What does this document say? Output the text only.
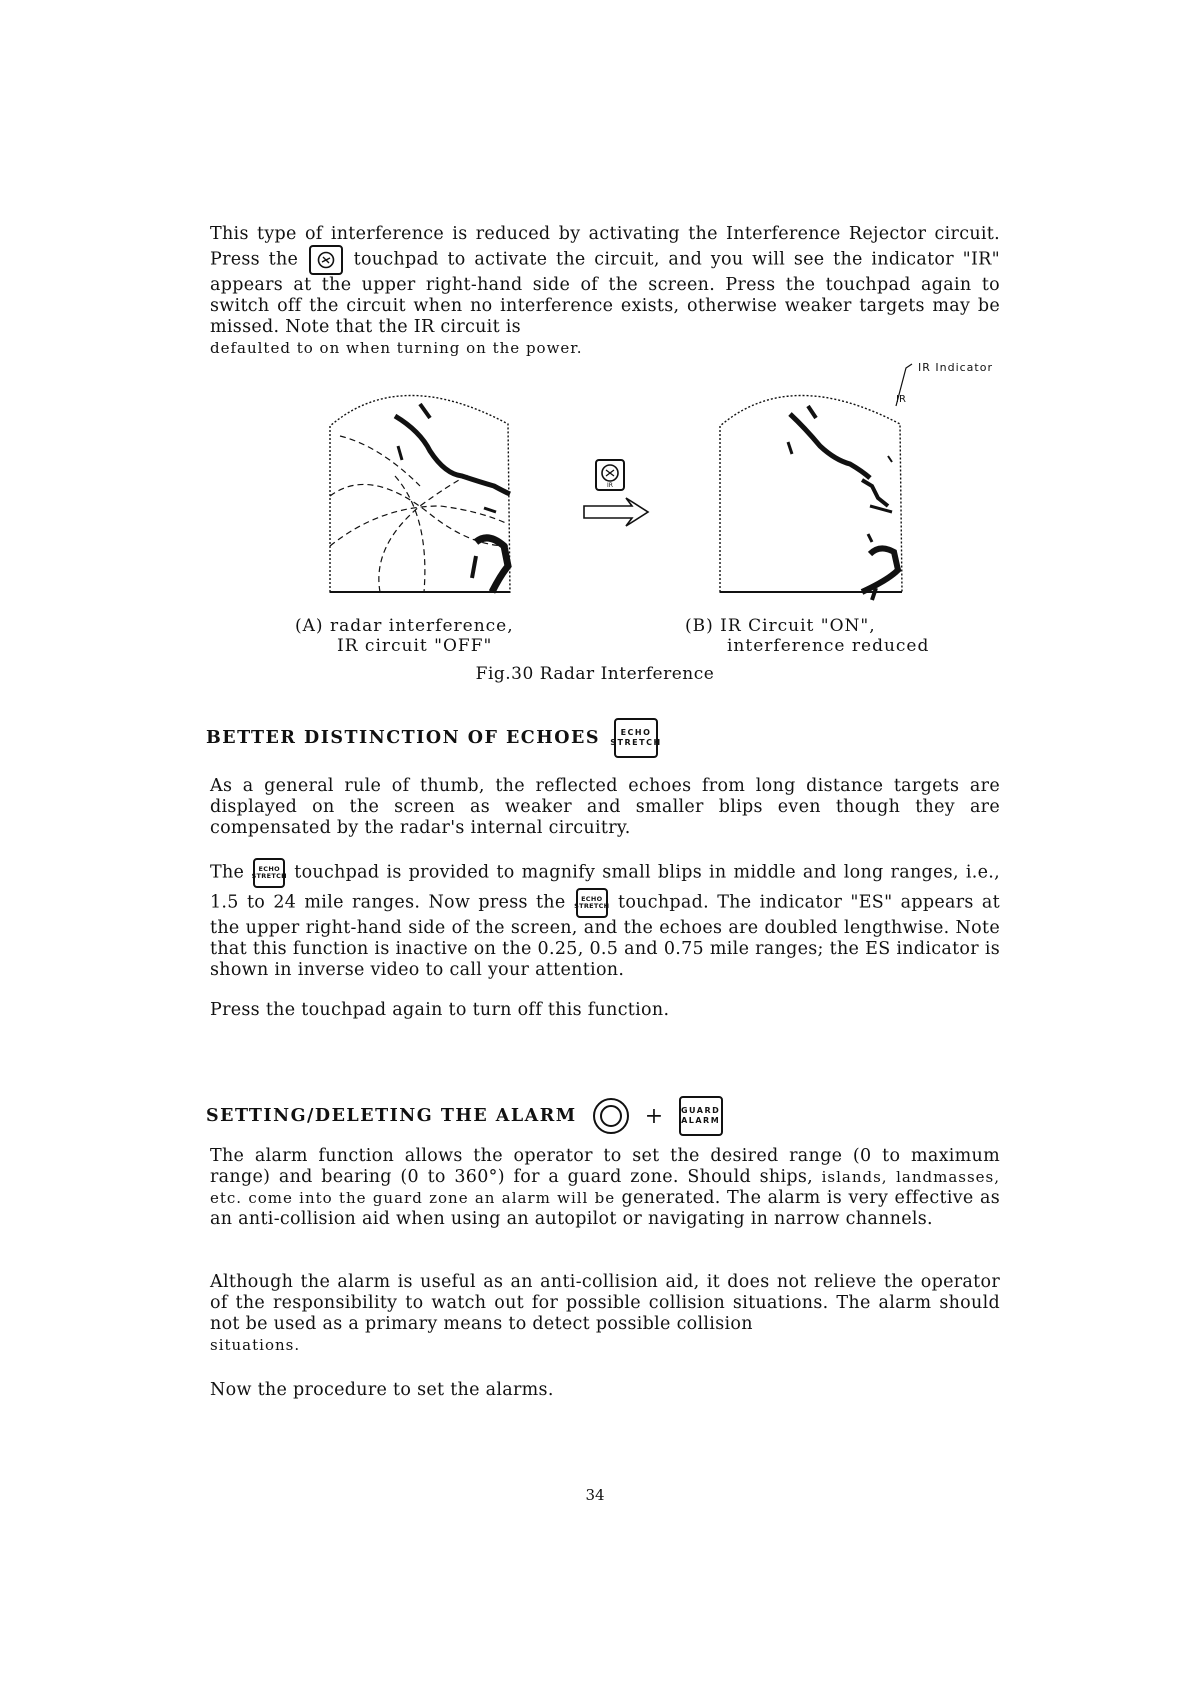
This type of interference is reduced by activating the Interference Rejector circuit. Press the	touchpad to activate the circuit, and you will see the indicator "IR" appears at the upper right-hand side of the screen. Press the touchpad again to switch off the circuit when no interference exists, otherwise weaker targets may be missed. Note that the IR circuit is
defaulted to on when turning on the power.

IR Indicator
IR
IR
(A) radar interference,
IR circuit "OFF"
(B) IR Circuit "ON",
interference reduced
Fig.30 Radar Interference
BETTER DISTINCTION OF ECHOES	ECHO
STRETCH

As a general rule of thumb, the reflected echoes from long distance targets are displayed on the screen as weaker and smaller blips even though they are compensated by the radar's internal circuitry.

The ECHO
STRETCH touchpad is provided to magnify small blips in middle and long ranges, i.e., 1.5 to 24 mile ranges. Now press the ECHO
STRETCH touchpad. The indicator "ES" appears at the upper right-hand side of the screen, and the echoes are doubled lengthwise. Note that this function is inactive on the 0.25, 0.5 and 0.75 mile ranges; the ES indicator is shown in inverse video to call your attention.

Press the touchpad again to turn off this function.

SETTING/DELETING THE ALARM	+ GUARD
ALARM

The alarm function allows the operator to set the desired range (0 to maximum range) and bearing (0 to 360°) for a guard zone. Should ships, islands, landmasses, etc. come into the guard zone an alarm will be generated. The alarm is very effective as an anti-collision aid when using an autopilot or navigating in narrow channels.

Although the alarm is useful as an anti-collision aid, it does not relieve the operator of the responsibility to watch out for possible collision situations. The alarm should not be used as a primary means to detect possible collision
situations.

Now the procedure to set the alarms.

34
